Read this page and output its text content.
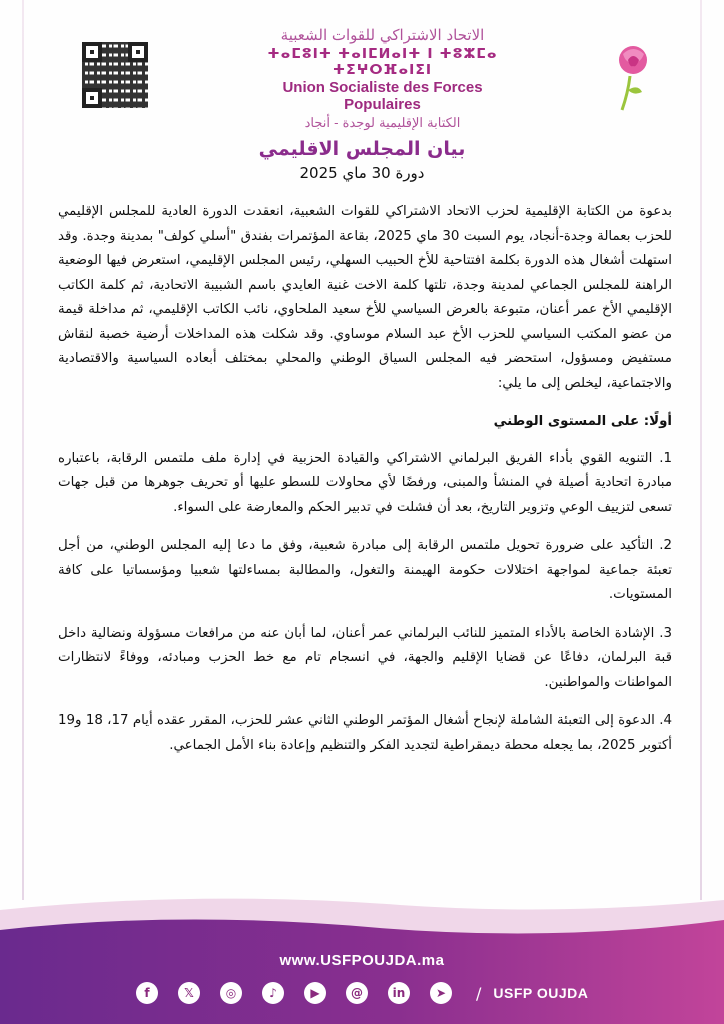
الاتحاد الاشتراكي للقوات الشعبية
ⵜⴰⵎⵓⵏⵜ ⵜⴰⵏⵎⵍⴰⵏⵜ ⵏ ⵜⵓⵣⵎⴰ ⵜⵉⵖⵔⴼⴰⵏⵉⵏ
Union Socialiste des Forces Populaires
الكتابة الإقليمية لوجدة - أنجاد
بيان المجلس الاقليمي
دورة 30 ماي 2025

بدعوة من الكتابة الإقليمية لحزب الاتحاد الاشتراكي للقوات الشعبية، انعقدت الدورة العادية للمجلس الإقليمي للحزب بعمالة وجدة-أنجاد، يوم السبت 30 ماي 2025، بقاعة المؤتمرات بفندق "أسلي كولف" بمدينة وجدة. وقد استهلت أشغال هذه الدورة بكلمة افتتاحية للأخ الحبيب السهلي، رئيس المجلس الإقليمي، استعرض فيها الوضعية الراهنة للمجلس الجماعي لمدينة وجدة، تلتها كلمة الاخت غنية العايدي باسم الشبيبة الاتحادية، ثم كلمة الكاتب الإقليمي الأخ عمر أعنان، متبوعة بالعرض السياسي للأخ سعيد الملحاوي، نائب الكاتب الإقليمي، ثم مداخلة قيمة من عضو المكتب السياسي للحزب الأخ عبد السلام موساوي. وقد شكلت هذه المداخلات أرضية خصبة لنقاش مستفيض ومسؤول، استحضر فيه المجلس السياق الوطني والمحلي بمختلف أبعاده السياسية والاقتصادية والاجتماعية، ليخلص إلى ما يلي:

أولًا: على المستوى الوطني

1. التنويه القوي بأداء الفريق البرلماني الاشتراكي والقيادة الحزبية في إدارة ملف ملتمس الرقابة، باعتباره مبادرة اتحادية أصيلة في المنشأ والمبنى، ورفضًا لأي محاولات للسطو عليها أو تحريف جوهرها من قبل جهات تسعى لتزييف الوعي وتزوير التاريخ، بعد أن فشلت في تدبير الحكم والمعارضة على السواء.

2. التأكيد على ضرورة تحويل ملتمس الرقابة إلى مبادرة شعبية، وفق ما دعا إليه المجلس الوطني، من أجل تعبئة جماعية لمواجهة اختلالات حكومة الهيمنة والتغول، والمطالبة بمساءلتها شعبيا ومؤسساتيا على كافة المستويات.

3. الإشادة الخاصة بالأداء المتميز للنائب البرلماني عمر أعنان، لما أبان عنه من مرافعات مسؤولة ونضالية داخل قبة البرلمان، دفاعًا عن قضايا الإقليم والجهة، في انسجام تام مع خط الحزب ومبادئه، ووفاءً لانتظارات المواطنات والمواطنين.

4. الدعوة إلى التعبئة الشاملة لإنجاح أشغال المؤتمر الوطني الثاني عشر للحزب، المقرر عقده أيام 17، 18 و19 أكتوبر 2025، بما يجعله محطة ديمقراطية لتجديد الفكر والتنظيم وإعادة بناء الأمل الجماعي.

www.USFPOUJDA.ma
f	𝕏	◎	♪	▶	@	in	➤	/ USFP OUJDA
